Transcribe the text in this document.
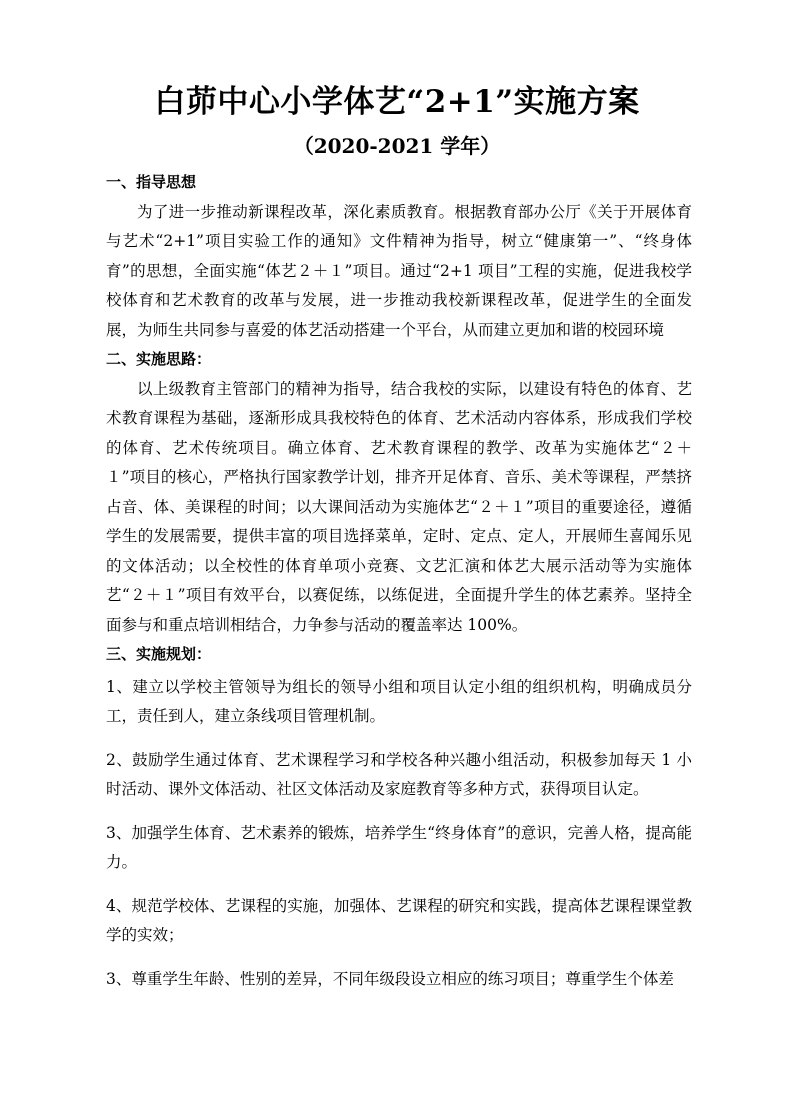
白茆中心小学体艺“2+1”实施方案
（2020-2021 学年）

一、指导思想

为了进一步推动新课程改革，深化素质教育。根据教育部办公厅《关于开展体育与艺术“2+1”项目实验工作的通知》文件精神为指导，树立“健康第一”、“终身体育”的思想，全面实施“体艺２＋１”项目。通过“2+1 项目”工程的实施，促进我校学校体育和艺术教育的改革与发展，进一步推动我校新课程改革，促进学生的全面发展，为师生共同参与喜爱的体艺活动搭建一个平台，从而建立更加和谐的校园环境

二、实施思路：

以上级教育主管部门的精神为指导，结合我校的实际，以建设有特色的体育、艺术教育课程为基础，逐渐形成具我校特色的体育、艺术活动内容体系，形成我们学校的体育、艺术传统项目。确立体育、艺术教育课程的教学、改革为实施体艺“２＋１”项目的核心，严格执行国家教学计划，排齐开足体育、音乐、美术等课程，严禁挤占音、体、美课程的时间；以大课间活动为实施体艺“２＋１”项目的重要途径，遵循学生的发展需要，提供丰富的项目选择菜单，定时、定点、定人，开展师生喜闻乐见的文体活动；以全校性的体育单项小竞赛、文艺汇演和体艺大展示活动等为实施体艺“２＋１”项目有效平台，以赛促练，以练促进，全面提升学生的体艺素养。坚持全面参与和重点培训相结合，力争参与活动的覆盖率达 100%。

三、实施规划：

1、建立以学校主管领导为组长的领导小组和项目认定小组的组织机构，明确成员分工，责任到人，建立条线项目管理机制。

2、鼓励学生通过体育、艺术课程学习和学校各种兴趣小组活动，积极参加每天 1 小时活动、课外文体活动、社区文体活动及家庭教育等多种方式，获得项目认定。

3、加强学生体育、艺术素养的锻炼，培养学生“终身体育”的意识，完善人格，提高能力。

4、规范学校体、艺课程的实施，加强体、艺课程的研究和实践，提高体艺课程课堂教学的实效；

3、尊重学生年龄、性别的差异，不同年级段设立相应的练习项目；尊重学生个体差
